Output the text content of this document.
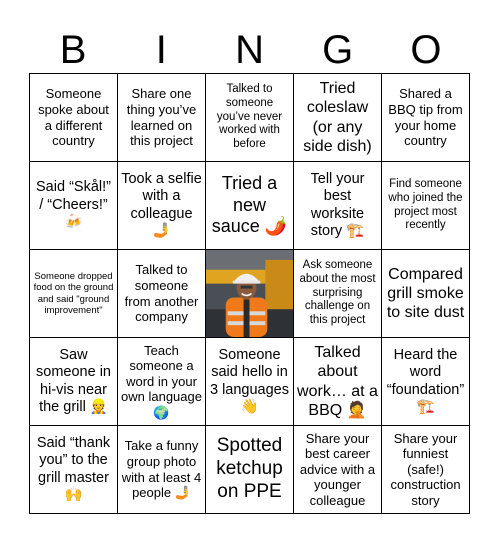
B	I	N	G	O
Someone spoke about a different country
Share one thing you’ve learned on this project
Talked to someone you’ve never worked with before
Tried coleslaw (or any side dish)
Shared a BBQ tip from your home country
Said “Skål!” / “Cheers!” 🍻
Took a selfie with a colleague 🤳
Tried a new sauce 🌶️
Tell your best worksite story 🏗️
Find someone who joined the project most recently
Someone dropped food on the ground and said "ground improvement"
Talked to someone from another company
Ask someone about the most surprising challenge on this project
Compared grill smoke to site dust
Saw someone in hi-vis near the grill 👷
Teach someone a word in your own language 🌍
Someone said hello in 3 languages 👋
Talked about work… at a BBQ 🤦
Heard the word “foundation” 🏗️
Said “thank you” to the grill master 🙌
Take a funny group photo with at least 4 people 🤳
Spotted ketchup on PPE
Share your best career advice with a younger colleague
Share your funniest (safe!) construction story
